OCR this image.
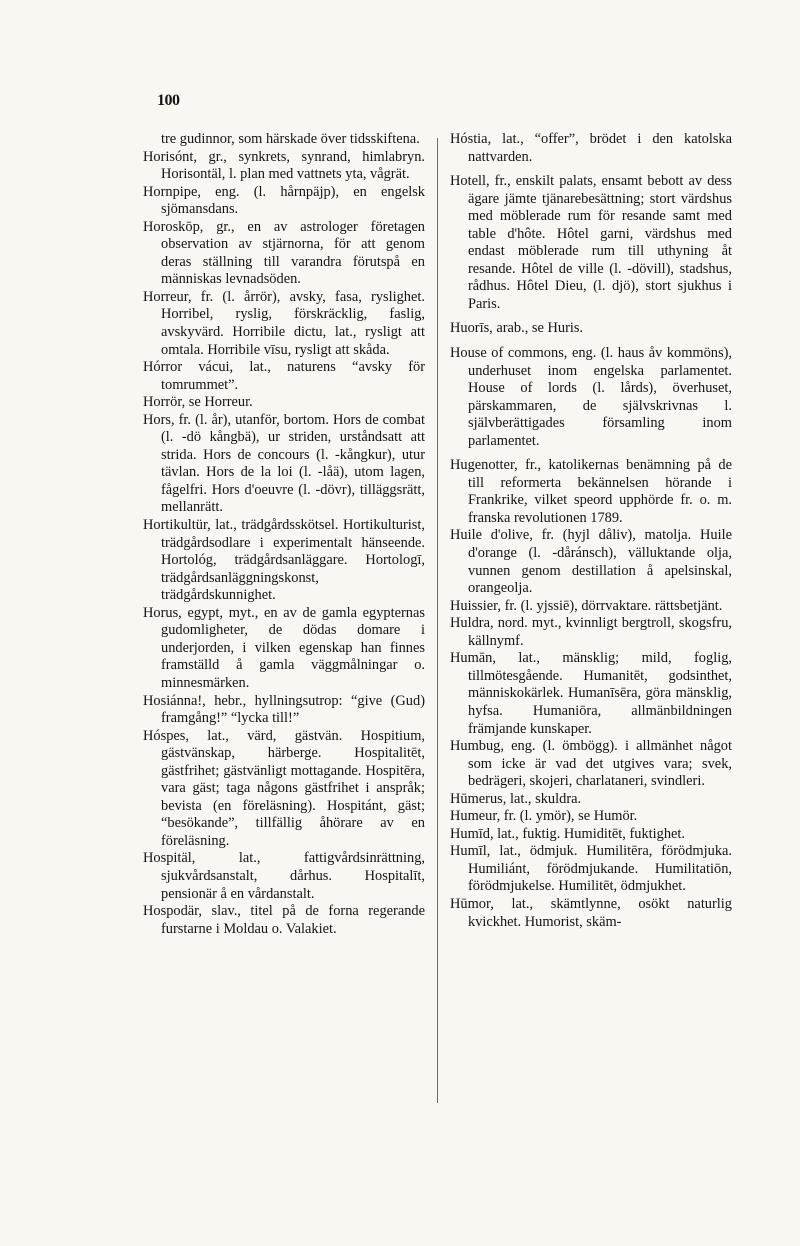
100

tre gudinnor, som härskade över tidsskiftena.

Horisónt, gr., synkrets, synrand, himlabryn. Horisontäl, l. plan med vattnets yta, vågrät.

Hornpipe, eng. (l. hårnpäjp), en engelsk sjömansdans.

Horoskōp, gr., en av astrologer företagen observation av stjärnorna, för att genom deras ställning till varandra förutspå en människas levnadsöden.

Horreur, fr. (l. årrör), avsky, fasa, ryslighet. Horribel, ryslig, förskräcklig, faslig, avskyvärd. Horribile dictu, lat., rysligt att omtala. Horribile vīsu, rysligt att skåda.

Hórror vácui, lat., naturens “avsky för tomrummet”.

Horrör, se Horreur.

Hors, fr. (l. år), utanför, bortom. Hors de combat (l. -dö kångbä), ur striden, urståndsatt att strida. Hors de concours (l. -kångkur), utur tävlan. Hors de la loi (l. -låä), utom lagen, fågelfri. Hors d'oeuvre (l. -dövr), tilläggsrätt, mellanrätt.

Hortikultür, lat., trädgårdsskötsel. Hortikulturist, trädgårdsodlare i experimentalt hänseende. Hortológ, trädgårdsanläggare. Hortologī, trädgårdsanläggningskonst, trädgårdskunnighet.

Horus, egypt, myt., en av de gamla egypternas gudomligheter, de dödas domare i underjorden, i vilken egenskap han finnes framställd å gamla väggmålningar o. minnesmärken.

Hosiánna!, hebr., hyllningsutrop: “give (Gud) framgång!” “lycka till!”

Hóspes, lat., värd, gästvän. Hospitium, gästvänskap, härberge. Hospitalitēt, gästfrihet; gästvänligt mottagande. Hospitēra, vara gäst; taga någons gästfrihet i anspråk; bevista (en föreläsning). Hospitánt, gäst; “besökande”, tillfällig åhörare av en föreläsning.

Hospitäl, lat., fattigvårdsinrättning, sjukvårdsanstalt, dårhus. Hospitalīt, pensionär å en vårdanstalt.

Hospodär, slav., titel på de forna regerande furstarne i Moldau o. Valakiet.

Hóstia, lat., “offer”, brödet i den katolska nattvarden.

Hotell, fr., enskilt palats, ensamt bebott av dess ägare jämte tjänarebesättning; stort värdshus med möblerade rum för resande samt med table d'hôte. Hôtel garni, värdshus med endast möblerade rum till uthyning åt resande. Hôtel de ville (l. -dövill), stadshus, rådhus. Hôtel Dieu, (l. djö), stort sjukhus i Paris.

Huorīs, arab., se Huris.

House of commons, eng. (l. haus åv kommöns), underhuset inom engelska parlamentet. House of lords (l. lårds), överhuset, pärskammaren, de självskrivnas l. självberättigades församling inom parlamentet.

Hugenotter, fr., katolikernas benämning på de till reformerta bekännelsen hörande i Frankrike, vilket speord upphörde fr. o. m. franska revolutionen 1789.

Huile d'olive, fr. (hyjl dåliv), matolja. Huile d'orange (l. -dåránsch), välluktande olja, vunnen genom destillation å apelsinskal, orangeolja.

Huissier, fr. (l. yjssiē), dörrvaktare. rättsbetjänt.

Huldra, nord. myt., kvinnligt bergtroll, skogsfru, källnymf.

Humān, lat., mänsklig; mild, foglig, tillmötesgående. Humanitēt, godsinthet, människokärlek. Humanīsēra, göra mänsklig, hyfsa. Humaniōra, allmänbildningen främjande kunskaper.

Humbug, eng. (l. ömbögg). i allmänhet något som icke är vad det utgives vara; svek, bedrägeri, skojeri, charlataneri, svindleri.

Hūmerus, lat., skuldra.

Humeur, fr. (l. ymör), se Humör.

Humīd, lat., fuktig. Humiditēt, fuktighet.

Humīl, lat., ödmjuk. Humilitēra, förödmjuka. Humiliánt, förödmjukande. Humilitatiōn, förödmjukelse. Humilitēt, ödmjukhet.

Hūmor, lat., skämtlynne, osökt naturlig kvickhet. Humorist, skäm-
